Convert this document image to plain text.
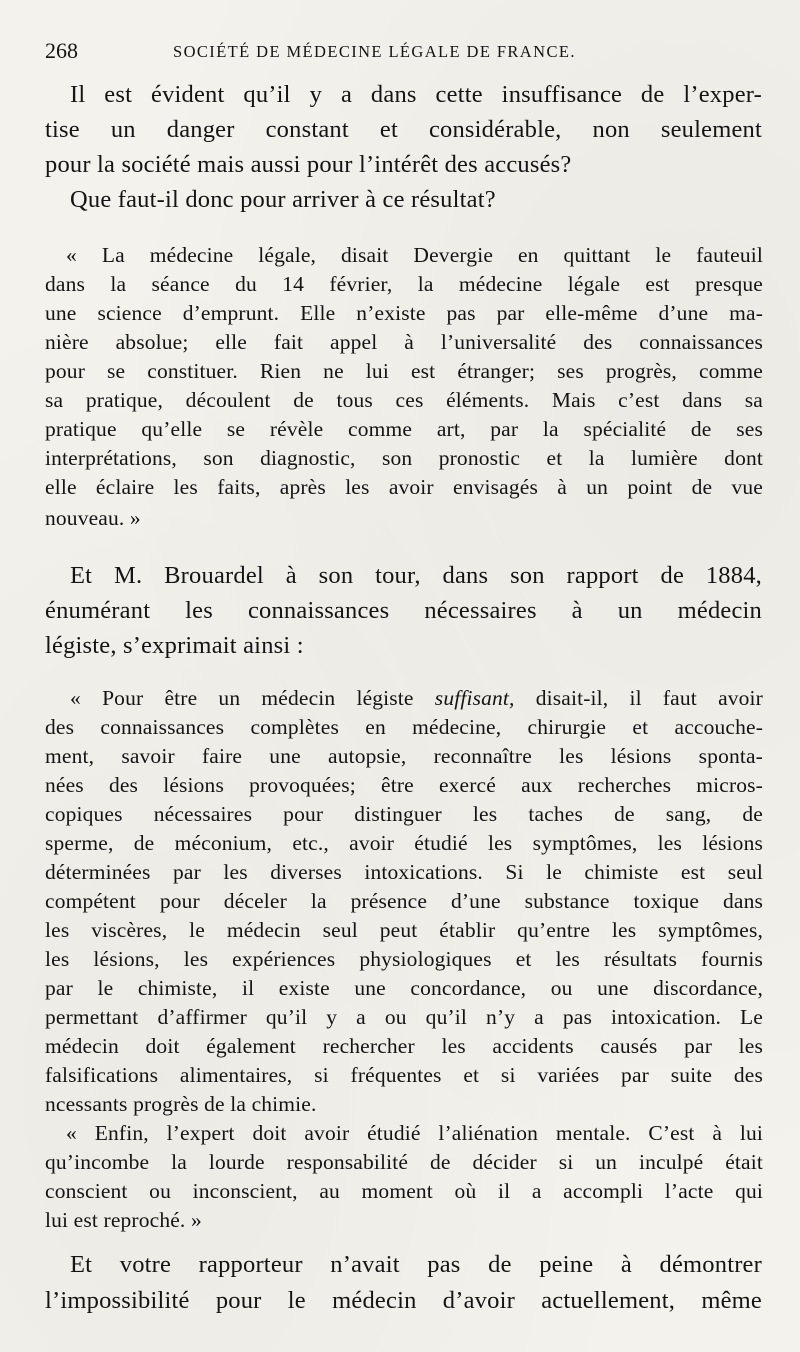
268	SOCIÉTÉ DE MÉDECINE LÉGALE DE FRANCE.
Il est évident qu’il y a dans cette insuffisance de l’exper-
tise un danger constant et considérable, non seulement
pour la société mais aussi pour l’intérêt des accusés?
Que faut-il donc pour arriver à ce résultat?
« La médecine légale, disait Devergie en quittant le fauteuil
dans la séance du 14 février, la médecine légale est presque
une science d’emprunt. Elle n’existe pas par elle-même d’une ma-
nière absolue; elle fait appel à l’universalité des connaissances
pour se constituer. Rien ne lui est étranger; ses progrès, comme
sa pratique, découlent de tous ces éléments. Mais c’est dans sa
pratique qu’elle se révèle comme art, par la spécialité de ses
interprétations, son diagnostic, son pronostic et la lumière dont
elle éclaire les faits, après les avoir envisagés à un point de vue
nouveau. »
Et M. Brouardel à son tour, dans son rapport de 1884,
énumérant les connaissances nécessaires à un médecin
légiste, s’exprimait ainsi :
« Pour être un médecin légiste suffisant, disait-il, il faut avoir
des connaissances complètes en médecine, chirurgie et accouche-
ment, savoir faire une autopsie, reconnaître les lésions sponta-
nées des lésions provoquées; être exercé aux recherches micros-
copiques nécessaires pour distinguer les taches de sang, de
sperme, de méconium, etc., avoir étudié les symptômes, les lésions
déterminées par les diverses intoxications. Si le chimiste est seul
compétent pour déceler la présence d’une substance toxique dans
les viscères, le médecin seul peut établir qu’entre les symptômes,
les lésions, les expériences physiologiques et les résultats fournis
par le chimiste, il existe une concordance, ou une discordance,
permettant d’affirmer qu’il y a ou qu’il n’y a pas intoxication. Le
médecin doit également rechercher les accidents causés par les
falsifications alimentaires, si fréquentes et si variées par suite des
ncessants progrès de la chimie.
« Enfin, l’expert doit avoir étudié l’aliénation mentale. C’est à lui
qu’incombe la lourde responsabilité de décider si un inculpé était
conscient ou inconscient, au moment où il a accompli l’acte qui
lui est reproché. »
Et votre rapporteur n’avait pas de peine à démontrer
l’impossibilité pour le médecin d’avoir actuellement, même
